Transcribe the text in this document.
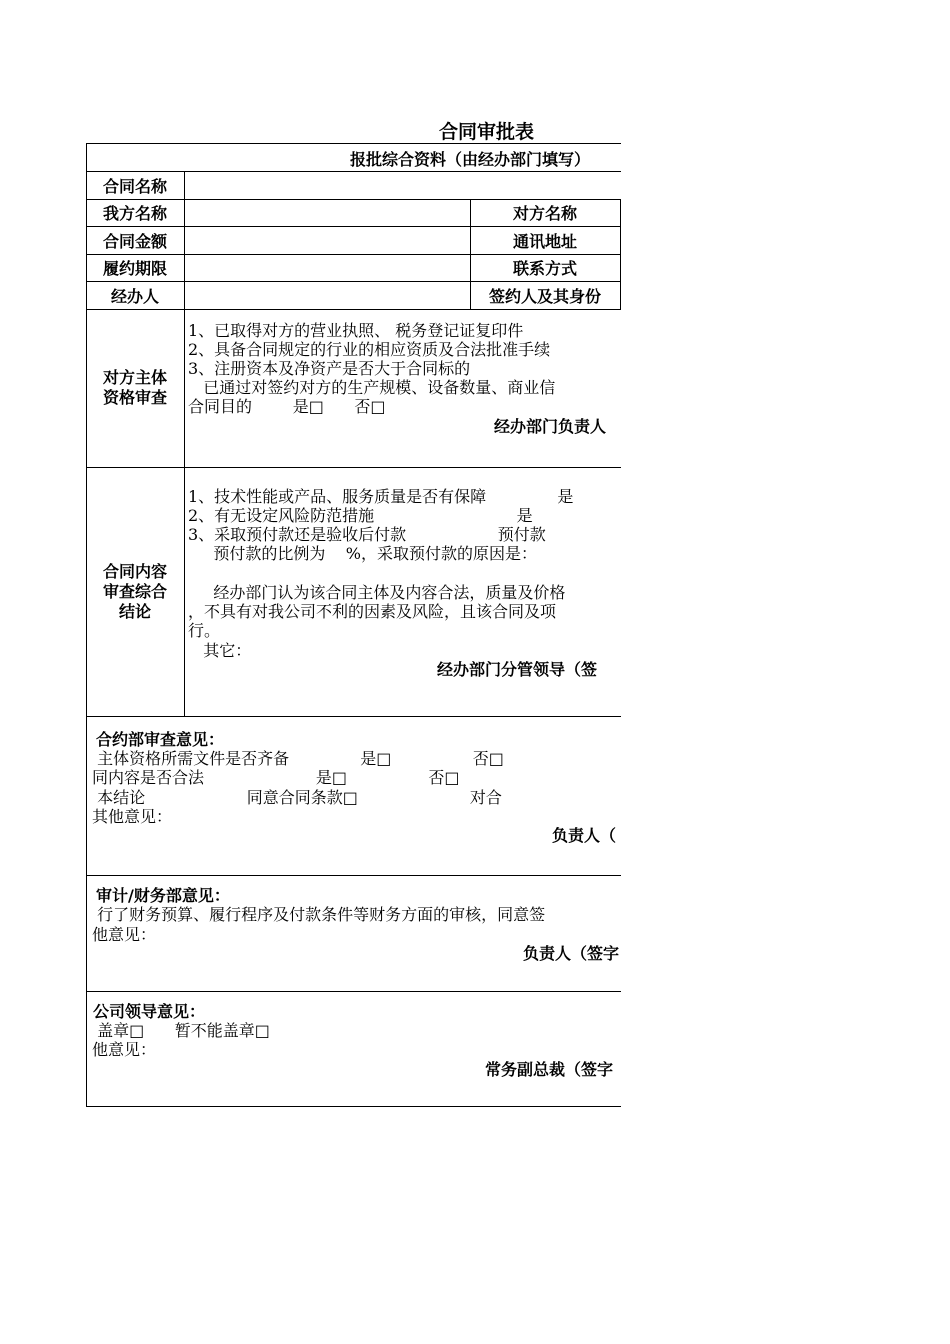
合同审批表
报批综合资料（由经办部门填写）
合同名称
我方名称	对方名称
合同金额	通讯地址
履约期限	联系方式
经办人	签约人及其身份
对方主体
资格审查
1、已取得对方的营业执照、 税务登记证复印件
2、具备合同规定的行业的相应资质及合法批准手续
3、注册资本及净资产是否大于合同标的
已通过对签约对方的生产规模、设备数量、商业信
合同目的        是□      否□
经办部门负责人
合同内容
审查综合
结论
1、技术性能或产品、服务质量是否有保障              是
2、有无设定风险防范措施                            是
3、采取预付款还是验收后付款                  预付款
预付款的比例为    %，采取预付款的原因是：
经办部门认为该合同主体及内容合法，质量及价格
，不具有对我公司不利的因素及风险，且该合同及项
行。
其它：
经办部门分管领导（签
合约部审查意见：
主体资格所需文件是否齐备              是□                否□
同内容是否合法                      是□                否□
本结论                    同意合同条款□                      对合
其他意见：
负责人（
审计/财务部意见：
行了财务预算、履行程序及付款条件等财务方面的审核，同意签
他意见：
负责人（签字
公司领导意见：
盖章□      暂不能盖章□
他意见：
常务副总裁（签字
